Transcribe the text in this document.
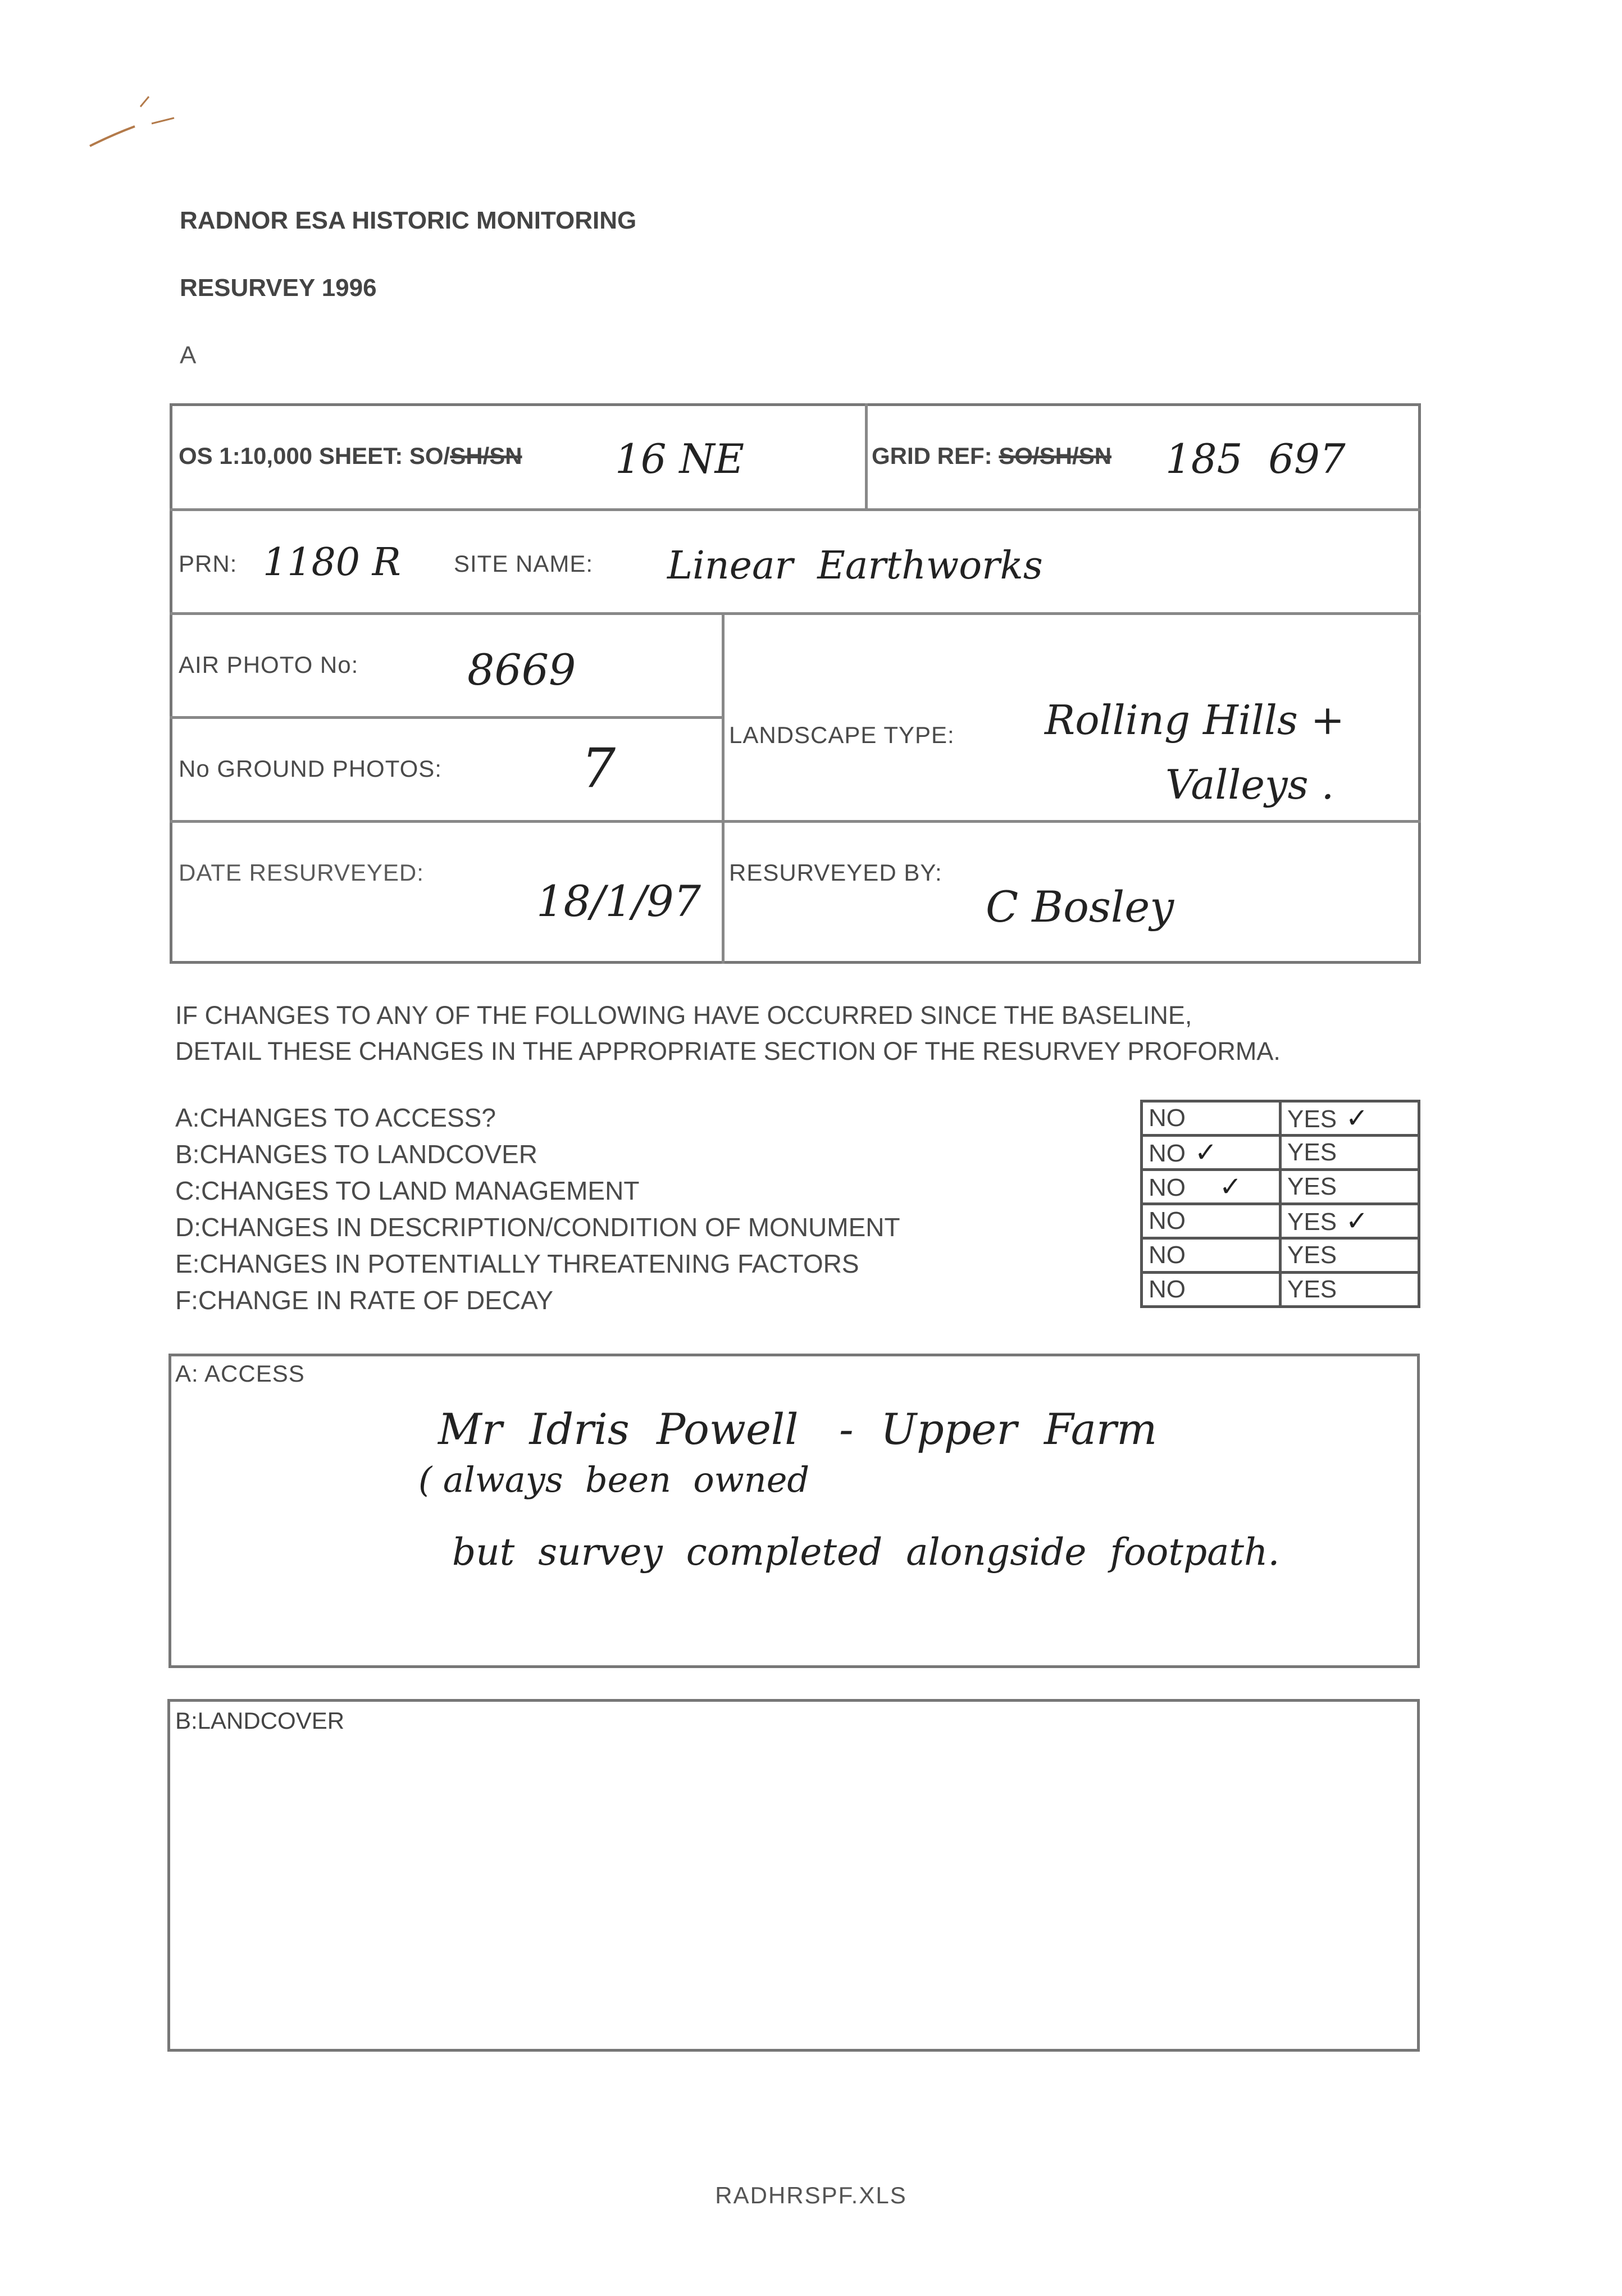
RADNOR ESA HISTORIC MONITORING
RESURVEY 1996
A
OS 1:10,000 SHEET: SO/SH/SN 16 NE	GRID REF: SO/SH/SN 185  697
PRN: 1180 R SITE NAME: Linear  Earthworks
AIR PHOTO No:	8669
No GROUND PHOTOS:	7
LANDSCAPE TYPE: Rolling Hills +
Valleys .
DATE RESURVEYED:
18/1/97
RESURVEYED BY:
C Bosley
IF CHANGES TO ANY OF THE FOLLOWING HAVE OCCURRED SINCE THE BASELINE,
DETAIL THESE CHANGES IN THE APPROPRIATE SECTION OF THE RESURVEY PROFORMA.
A:CHANGES TO ACCESS?
B:CHANGES TO LANDCOVER
C:CHANGES TO LAND MANAGEMENT
D:CHANGES IN DESCRIPTION/CONDITION OF MONUMENT
E:CHANGES IN POTENTIALLY THREATENING FACTORS
F:CHANGE IN RATE OF DECAY
NO	YES ✓
NO ✓	YES
NO ✓	YES
NO	YES ✓
NO	YES
NO	YES
A: ACCESS
Mr  Idris  Powell   -  Upper  Farm
( always  been  owned
but  survey  completed  alongside  footpath.
B:LANDCOVER
RADHRSPF.XLS
